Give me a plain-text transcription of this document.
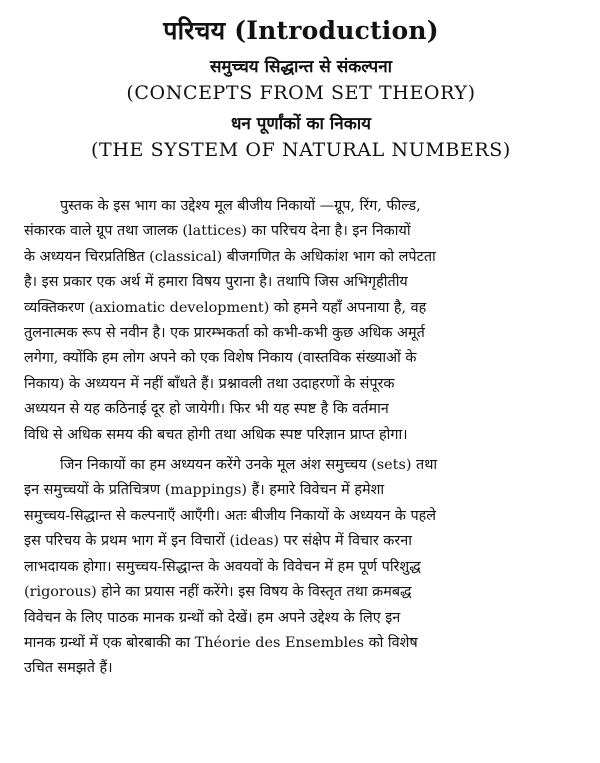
परिचय (Introduction)
समुच्चय सिद्धान्त से संकल्पना
(CONCEPTS FROM SET THEORY)
धन पूर्णांकों का निकाय
(THE SYSTEM OF NATURAL NUMBERS)
पुस्तक के इस भाग का उद्देश्य मूल बीजीय निकायों —ग्रूप, रिंग, फील्ड,
संकारक वाले ग्रूप तथा जालक (lattices) का परिचय देना है। इन निकायों
के अध्ययन चिरप्रतिष्ठित (classical) बीजगणित के अधिकांश भाग को लपेटता
है। इस प्रकार एक अर्थ में हमारा विषय पुराना है। तथापि जिस अभिगृहीतीय
व्यक्तिकरण (axiomatic development) को हमने यहाँ अपनाया है, वह
तुलनात्मक रूप से नवीन है। एक प्रारम्भकर्ता को कभी-कभी कुछ अधिक अमूर्त
लगेगा, क्योंकि हम लोग अपने को एक विशेष निकाय (वास्तविक संख्याओं के
निकाय) के अध्ययन में नहीं बाँधते हैं। प्रश्नावली तथा उदाहरणों के संपूरक
अध्ययन से यह कठिनाई दूर हो जायेगी। फिर भी यह स्पष्ट है कि वर्तमान
विधि से अधिक समय की बचत होगी तथा अधिक स्पष्ट परिज्ञान प्राप्त होगा।
जिन निकायों का हम अध्ययन करेंगे उनके मूल अंश समुच्चय (sets) तथा
इन समुच्चयों के प्रतिचित्रण (mappings) हैं। हमारे विवेचन में हमेशा
समुच्चय-सिद्धान्त से कल्पनाएँ आएँगी। अतः बीजीय निकायों के अध्ययन के पहले
इस परिचय के प्रथम भाग में इन विचारों (ideas) पर संक्षेप में विचार करना
लाभदायक होगा। समुच्चय-सिद्धान्त के अवयवों के विवेचन में हम पूर्ण परिशुद्ध
(rigorous) होने का प्रयास नहीं करेंगे। इस विषय के विस्तृत तथा क्रमबद्ध
विवेचन के लिए पाठक मानक ग्रन्थों को देखें। हम अपने उद्देश्य के लिए इन
मानक ग्रन्थों में एक बोरबाकी का Théorie des Ensembles को विशेष
उचित समझते हैं।
